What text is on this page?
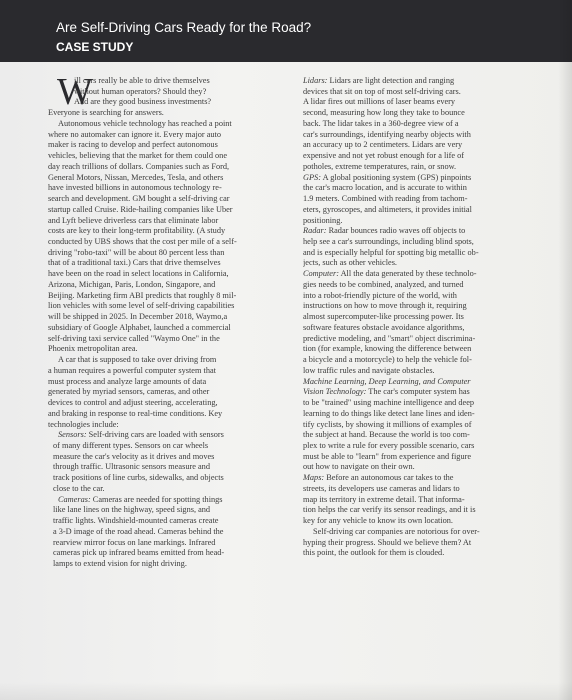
Are Self-Driving Cars Ready for the Road?
CASE STUDY
W
ill cars really be able to drive themselves
without human operators? Should they?
And are they good business investments?
Everyone is searching for answers.
Autonomous vehicle technology has reached a point
where no automaker can ignore it. Every major auto
maker is racing to develop and perfect autonomous
vehicles, believing that the market for them could one
day reach trillions of dollars. Companies such as Ford,
General Motors, Nissan, Mercedes, Tesla, and others
have invested billions in autonomous technology re-
search and development. GM bought a self-driving car
startup called Cruise. Ride-hailing companies like Uber
and Lyft believe driverless cars that eliminate labor
costs are key to their long-term profitability. (A study
conducted by UBS shows that the cost per mile of a self-
driving "robo-taxi" will be about 80 percent less than
that of a traditional taxi.) Cars that drive themselves
have been on the road in select locations in California,
Arizona, Michigan, Paris, London, Singapore, and
Beijing. Marketing firm ABI predicts that roughly 8 mil-
lion vehicles with some level of self-driving capabilities
will be shipped in 2025. In December 2018, Waymo,a
subsidiary of Google Alphabet, launched a commercial
self-driving taxi service called "Waymo One" in the
Phoenix metropolitan area.
A car that is supposed to take over driving from
a human requires a powerful computer system that
must process and analyze large amounts of data
generated by myriad sensors, cameras, and other
devices to control and adjust steering, accelerating,
and braking in response to real-time conditions. Key
technologies include:
Sensors: Self-driving cars are loaded with sensors
of many different types. Sensors on car wheels
measure the car's velocity as it drives and moves
through traffic. Ultrasonic sensors measure and
track positions of line curbs, sidewalks, and objects
close to the car.
Cameras: Cameras are needed for spotting things
like lane lines on the highway, speed signs, and
traffic lights. Windshield-mounted cameras create
a 3-D image of the road ahead. Cameras behind the
rearview mirror focus on lane markings. Infrared
cameras pick up infrared beams emitted from head-
lamps to extend vision for night driving.
Lidars: Lidars are light detection and ranging
devices that sit on top of most self-driving cars.
A lidar fires out millions of laser beams every
second, measuring how long they take to bounce
back. The lidar takes in a 360-degree view of a
car's surroundings, identifying nearby objects with
an accuracy up to 2 centimeters. Lidars are very
expensive and not yet robust enough for a life of
potholes, extreme temperatures, rain, or snow.
GPS: A global positioning system (GPS) pinpoints
the car's macro location, and is accurate to within
1.9 meters. Combined with reading from tachom-
eters, gyroscopes, and altimeters, it provides initial
positioning.
Radar: Radar bounces radio waves off objects to
help see a car's surroundings, including blind spots,
and is especially helpful for spotting big metallic ob-
jects, such as other vehicles.
Computer: All the data generated by these technolo-
gies needs to be combined, analyzed, and turned
into a robot-friendly picture of the world, with
instructions on how to move through it, requiring
almost supercomputer-like processing power. Its
software features obstacle avoidance algorithms,
predictive modeling, and "smart" object discrimina-
tion (for example, knowing the difference between
a bicycle and a motorcycle) to help the vehicle fol-
low traffic rules and navigate obstacles.
Machine Learning, Deep Learning, and Computer
Vision Technology: The car's computer system has
to be "trained" using machine intelligence and deep
learning to do things like detect lane lines and iden-
tify cyclists, by showing it millions of examples of
the subject at hand. Because the world is too com-
plex to write a rule for every possible scenario, cars
must be able to "learn" from experience and figure
out how to navigate on their own.
Maps: Before an autonomous car takes to the
streets, its developers use cameras and lidars to
map its territory in extreme detail. That informa-
tion helps the car verify its sensor readings, and it is
key for any vehicle to know its own location.
Self-driving car companies are notorious for over-
hyping their progress. Should we believe them? At
this point, the outlook for them is clouded.
